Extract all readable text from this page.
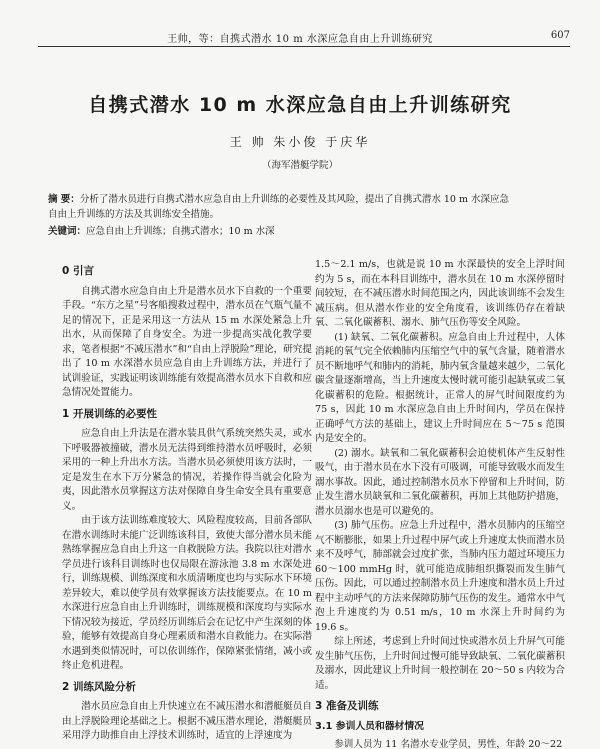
王帅，等：自携式潜水 10 m 水深应急自由上升训练研究	607
自携式潜水 10 m 水深应急自由上升训练研究
王 帅 朱小俊 于庆华
（海军潜艇学院）
摘 要：分析了潜水员进行自携式潜水应急自由上升训练的必要性及其风险，提出了自携式潜水 10 m 水深应急
自由上升训练的方法及其训练安全措施。
关键词：应急自由上升训练；自携式潜水；10 m 水深
0 引言

自携式潜水应急自由上升是潜水员水下自救的一个重要手段。“东方之星”号客船搜救过程中，潜水员在气瓶气量不足的情况下，正是采用这一方法从 15 m 水深处紧急上升出水，从而保障了自身安全。为进一步提高实战化教学要求，笔者根据“不减压潜水”和“自由上浮脱险”理论，研究提出了 10 m 水深潜水员应急自由上升训练方法，并进行了试训验证，实践证明该训练能有效提高潜水员水下自救和应急情况处置能力。

1 开展训练的必要性

应急自由上升法是在潜水装具供气系统突然失灵，或水下呼吸器被撞破，潜水员无法得到维持潜水员呼吸时，必须采用的一种上升出水方法。当潜水员必须使用该方法时，一定是发生在水下万分紧急的情况，若操作得当就会化险为夷，因此潜水员掌握这方法对保障自身生命安全具有重要意义。

由于该方法训练难度较大、风险程度较高，目前各部队在潜水训练时未能广泛训练该科目，致使大部分潜水员未能熟练掌握应急自由上升这一自救脱险方法。我院以往对潜水学员进行该科目训练时也仅局限在游泳池 3.8 m 水深处进行，训练规模、训练深度和水质清晰度也均与实际水下环境差异较大，难以使学员有效掌握该方法技能要点。在 10 m 水深进行应急自由上升训练时，训练规模和深度均与实际水下情况较为接近，学员经历训练后会在记忆中产生深刻的体验，能够有效提高自身心理素质和潜水自救能力。在实际潜水遇到类似情况时，可以依训练作，保障紧张情绪，减小或终止危机进程。

2 训练风险分析

潜水员应急自由上升快速立在不减压潜水和潜艇艇员自由上浮脱险理论基础之上。根据不减压潜水理论，潜艇艇员采用浮力助推自由上浮技术训练时，适宜的上浮速度为

1.5～2.1 m/s，也就是说 10 m 水深最快的安全上浮时间约为 5 s，而在本科目训练中，潜水员在 10 m 水深停留时间较短，在不减压潜水时间范围之内，因此该训练不会发生减压病。但从潜水作业的安全角度看，该训练仍存在着缺氧、二氧化碳蓄积、溺水、肺气压伤等安全风险。

(1) 缺氧、二氧化碳蓄积。应急自由上升过程中，人体消耗的氧气完全依赖肺内压缩空气中的氧气含量，随着潜水员不断地呼气和肺内的消耗，肺内氧含量越来越少，二氧化碳含量逐渐增高，当上升速度太慢时就可能引起缺氧或二氧化碳蓄积的危险。根据统计，正常人的屏气时间限度约为 75 s，因此 10 m 水深应急自由上升时间内，学员在保持正确呼气方法的基础上，建议上升时间应在 5～75 s 范围内是安全的。

(2) 溺水。缺氧和二氧化碳蓄积会迫使机体产生反射性吸气，由于潜水员在水下没有可吸调，可能导致吸水而发生溺水事故。因此，通过控制潜水员水下停留和上升时间，防止发生潜水员缺氧和二氧化碳蓄积，再加上其他防护措施，潜水员溺水也是可以避免的。

(3) 肺气压伤。应急上升过程中，潜水员肺内的压缩空气不断膨胀，如果上升过程中屏气或上升速度太快而潜水员来不及呼气，肺部就会过度扩张，当肺内压力超过环境压力 60～100 mmHg 时，就可能造成肺组织撕裂而发生肺气压伤。因此，可以通过控制潜水员上升速度和潜水员上升过程中主动呼气的方法来保障防肺气压伤的发生。通常水中气泡上升速度约为 0.51 m/s，10 m 水深上升时间约为 19.6 s。

综上所述，考虑到上升时间过快或潜水员上升屏气可能发生肺气压伤，上升时间过慢可能导致缺氧、二氧化碳蓄积及溺水，因此建议上升时间一般控制在 20～50 s 内较为合适。

3 准备及训练
3.1 参训人员和器材情况

参训人员为 11 名潜水专业学员，男性，年龄 20～22
